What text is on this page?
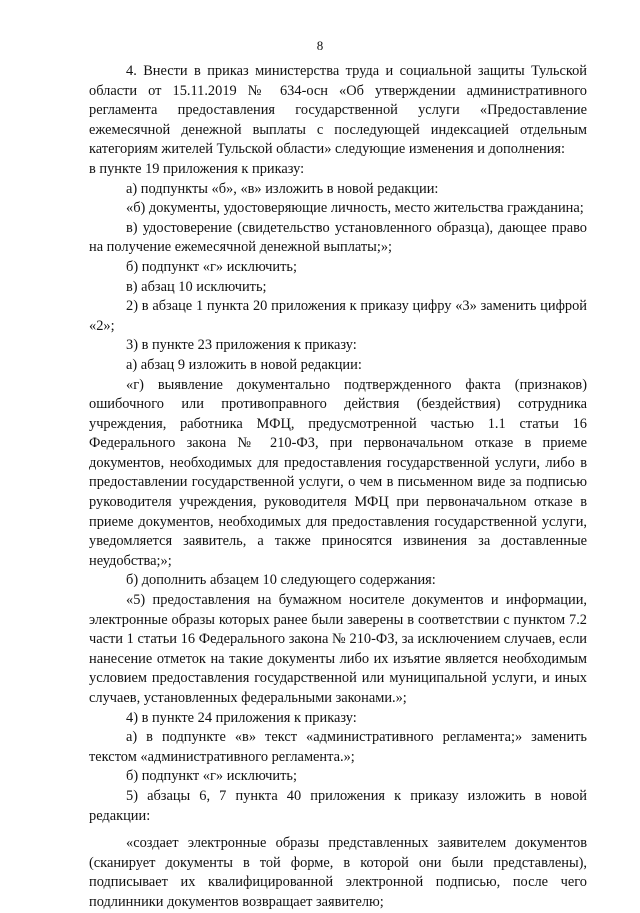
8

4. Внести в приказ министерства труда и социальной защиты Тульской области от 15.11.2019 № 634-осн «Об утверждении административного регламента предоставления государственной услуги «Предоставление ежемесячной денежной выплаты с последующей индексацией отдельным категориям жителей Тульской области» следующие изменения и дополнения:

в пункте 19 приложения к приказу:

а) подпункты «б», «в» изложить в новой редакции:

«б) документы, удостоверяющие личность, место жительства гражданина;

в) удостоверение (свидетельство установленного образца), дающее право на получение ежемесячной денежной выплаты;»;

б) подпункт «г» исключить;

в) абзац 10 исключить;

2) в абзаце 1 пункта 20 приложения к приказу цифру «3» заменить цифрой «2»;

3) в пункте 23 приложения к приказу:

а) абзац 9 изложить в новой редакции:

«г) выявление документально подтвержденного факта (признаков) ошибочного или противоправного действия (бездействия) сотрудника учреждения, работника МФЦ, предусмотренной частью 1.1 статьи 16 Федерального закона № 210-ФЗ, при первоначальном отказе в приеме документов, необходимых для предоставления государственной услуги, либо в предоставлении государственной услуги, о чем в письменном виде за подписью руководителя учреждения, руководителя МФЦ при первоначальном отказе в приеме документов, необходимых для предоставления государственной услуги, уведомляется заявитель, а также приносятся извинения за доставленные неудобства;»;

б) дополнить абзацем 10 следующего содержания:

«5) предоставления на бумажном носителе документов и информации, электронные образы которых ранее были заверены в соответствии с пунктом 7.2 части 1 статьи 16 Федерального закона № 210-ФЗ, за исключением случаев, если нанесение отметок на такие документы либо их изъятие является необходимым условием предоставления государственной или муниципальной услуги, и иных случаев, установленных федеральными законами.»;

4) в пункте 24 приложения к приказу:

а) в подпункте «в» текст «административного регламента;» заменить текстом «административного регламента.»;

б) подпункт «г» исключить;

5) абзацы 6, 7 пункта 40 приложения к приказу изложить в новой редакции:

«создает электронные образы представленных заявителем документов (сканирует документы в той форме, в которой они были представлены), подписывает их квалифицированной электронной подписью, после чего подлинники документов возвращает заявителю;
